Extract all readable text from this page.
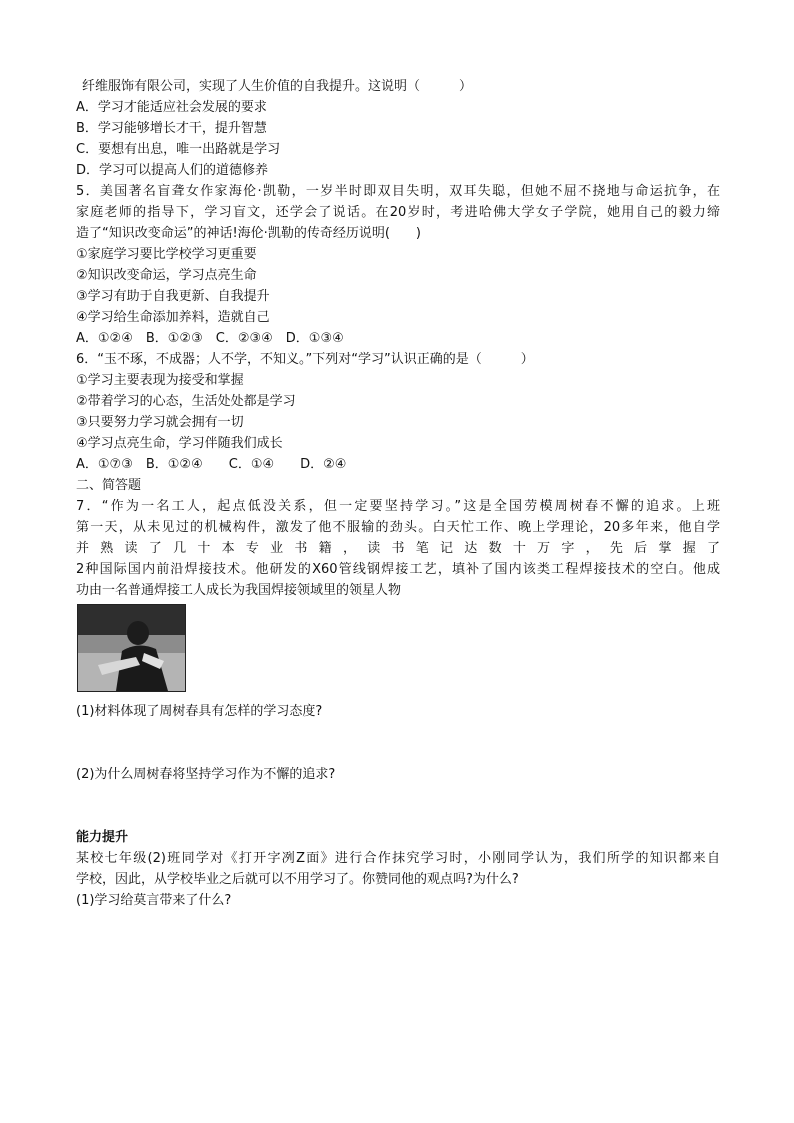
纤维服饰有限公司，实现了人生价值的自我提升。这说明（　　　）
A．学习才能适应社会发展的要求
B．学习能够增长才干，提升智慧
C．要想有出息，唯一出路就是学习
D．学习可以提高人们的道德修养
5．美国著名盲聋女作家海伦·凯勒，一岁半时即双目失明，双耳失聪，但她不屈不挠地与命运抗争，在
家庭老师的指导下，学习盲文，还学会了说话。在20岁时，考进哈佛大学女子学院，她用自己的毅力缔
造了“知识改变命运”的神话!海伦·凯勒的传奇经历说明(　　)
①家庭学习要比学校学习更重要
②知识改变命运，学习点亮生命
③学习有助于自我更新、自我提升
④学习给生命添加养料，造就自己
A．①②④　B．①②③　C．②③④　D．①③④
6．“玉不琢，不成器；人不学，不知义。”下列对“学习”认识正确的是（　　　）
①学习主要表现为接受和掌握
②带着学习的心态，生活处处都是学习
③只要努力学习就会拥有一切
④学习点亮生命，学习伴随我们成长
A．①⑦③　B．①②④　　C．①④　　D．②④
二、简答题
7．“作为一名工人，起点低没关系，但一定要坚持学习。”这是全国劳模周树春不懈的追求。上班
第一天，从未见过的机械构件，激发了他不服输的劲头。白天忙工作、晚上学理论，20多年来，他自学
并熟读了几十本专业书籍，读书笔记达数十万字，先后掌握了
2种国际国内前沿焊接技术。他研发的X60管线钢焊接工艺，填补了国内该类工程焊接技术的空白。他成
功由一名普通焊接工人成长为我国焊接领域里的领星人物
(1)材料体现了周树春具有怎样的学习态度?
(2)为什么周树春将坚持学习作为不懈的追求?
能力提升
某校七年级(2)班同学对《打开字冽Z面》进行合作抹究学习时，小刚同学认为，我们所学的知识都来自
学校，因此，从学校毕业之后就可以不用学习了。你赞同他的观点吗?为什么?
(1)学习给莫言带来了什么?
